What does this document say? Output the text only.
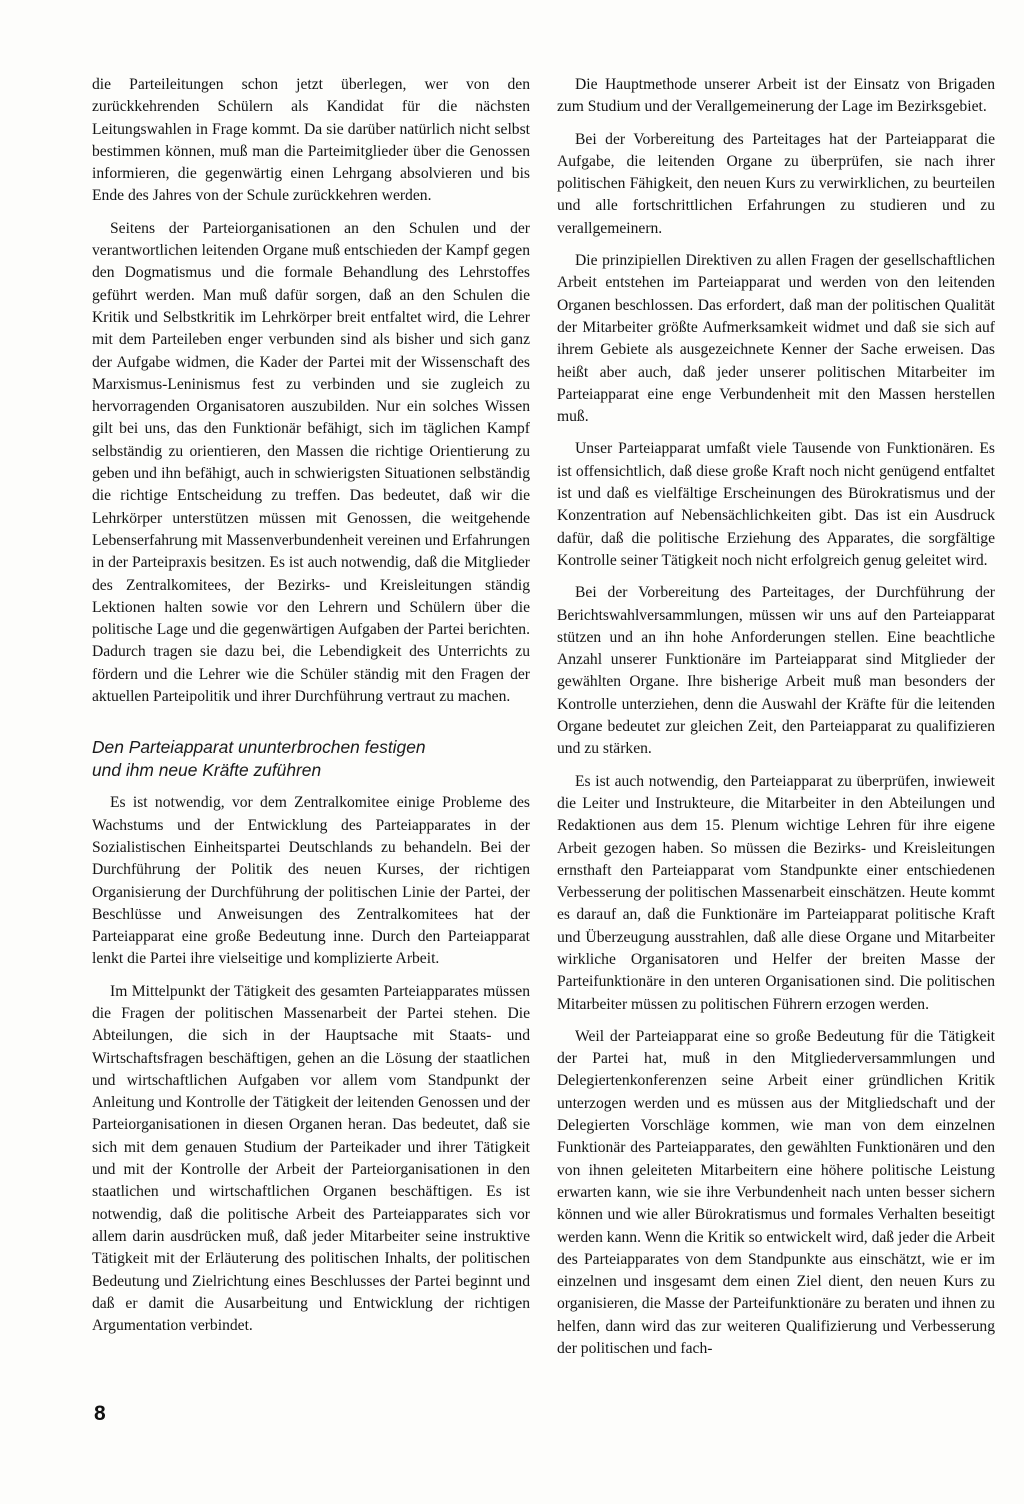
die Parteileitungen schon jetzt überlegen, wer von den zurückkehrenden Schülern als Kandidat für die nächsten Leitungswahlen in Frage kommt. Da sie darüber natürlich nicht selbst bestimmen können, muß man die Parteimitglieder über die Genossen informieren, die gegenwärtig einen Lehrgang absolvieren und bis Ende des Jahres von der Schule zurückkehren werden.

Seitens der Parteiorganisationen an den Schulen und der verantwortlichen leitenden Organe muß entschieden der Kampf gegen den Dogmatismus und die formale Behandlung des Lehrstoffes geführt werden. Man muß dafür sorgen, daß an den Schulen die Kritik und Selbstkritik im Lehrkörper breit entfaltet wird, die Lehrer mit dem Parteileben enger verbunden sind als bisher und sich ganz der Aufgabe widmen, die Kader der Partei mit der Wissenschaft des Marxismus-Leninismus fest zu verbinden und sie zugleich zu hervorragenden Organisatoren auszubilden. Nur ein solches Wissen gilt bei uns, das den Funktionär befähigt, sich im täglichen Kampf selbständig zu orientieren, den Massen die richtige Orientierung zu geben und ihn befähigt, auch in schwierigsten Situationen selbständig die richtige Entscheidung zu treffen. Das bedeutet, daß wir die Lehrkörper unterstützen müssen mit Genossen, die weitgehende Lebenserfahrung mit Massenverbundenheit vereinen und Erfahrungen in der Parteipraxis besitzen. Es ist auch notwendig, daß die Mitglieder des Zentralkomitees, der Bezirks- und Kreisleitungen ständig Lektionen halten sowie vor den Lehrern und Schülern über die politische Lage und die gegenwärtigen Aufgaben der Partei berichten. Dadurch tragen sie dazu bei, die Lebendigkeit des Unterrichts zu fördern und die Lehrer wie die Schüler ständig mit den Fragen der aktuellen Parteipolitik und ihrer Durchführung vertraut zu machen.

Den Parteiapparat ununterbrochen festigen
und ihm neue Kräfte zuführen

Es ist notwendig, vor dem Zentralkomitee einige Probleme des Wachstums und der Entwicklung des Parteiapparates in der Sozialistischen Einheitspartei Deutschlands zu behandeln. Bei der Durchführung der Politik des neuen Kurses, der richtigen Organisierung der Durchführung der politischen Linie der Partei, der Beschlüsse und Anweisungen des Zentralkomitees hat der Parteiapparat eine große Bedeutung inne. Durch den Parteiapparat lenkt die Partei ihre vielseitige und komplizierte Arbeit.

Im Mittelpunkt der Tätigkeit des gesamten Parteiapparates müssen die Fragen der politischen Massenarbeit der Partei stehen. Die Abteilungen, die sich in der Hauptsache mit Staats- und Wirtschaftsfragen beschäftigen, gehen an die Lösung der staatlichen und wirtschaftlichen Aufgaben vor allem vom Standpunkt der Anleitung und Kontrolle der Tätigkeit der leitenden Genossen und der Parteiorganisationen in diesen Organen heran. Das bedeutet, daß sie sich mit dem genauen Studium der Parteikader und ihrer Tätigkeit und mit der Kontrolle der Arbeit der Parteiorganisationen in den staatlichen und wirtschaftlichen Organen beschäftigen. Es ist notwendig, daß die politische Arbeit des Parteiapparates sich vor allem darin ausdrücken muß, daß jeder Mitarbeiter seine instruktive Tätigkeit mit der Erläuterung des politischen Inhalts, der politischen Bedeutung und Zielrichtung eines Beschlusses der Partei beginnt und daß er damit die Ausarbeitung und Entwicklung der richtigen Argumentation verbindet.

Die Hauptmethode unserer Arbeit ist der Einsatz von Brigaden zum Studium und der Verallgemeinerung der Lage im Bezirksgebiet.

Bei der Vorbereitung des Parteitages hat der Parteiapparat die Aufgabe, die leitenden Organe zu überprüfen, sie nach ihrer politischen Fähigkeit, den neuen Kurs zu verwirklichen, zu beurteilen und alle fortschrittlichen Erfahrungen zu studieren und zu verallgemeinern.

Die prinzipiellen Direktiven zu allen Fragen der gesellschaftlichen Arbeit entstehen im Parteiapparat und werden von den leitenden Organen beschlossen. Das erfordert, daß man der politischen Qualität der Mitarbeiter größte Aufmerksamkeit widmet und daß sie sich auf ihrem Gebiete als ausgezeichnete Kenner der Sache erweisen. Das heißt aber auch, daß jeder unserer politischen Mitarbeiter im Parteiapparat eine enge Verbundenheit mit den Massen herstellen muß.

Unser Parteiapparat umfaßt viele Tausende von Funktionären. Es ist offensichtlich, daß diese große Kraft noch nicht genügend entfaltet ist und daß es vielfältige Erscheinungen des Bürokratismus und der Konzentration auf Nebensächlichkeiten gibt. Das ist ein Ausdruck dafür, daß die politische Erziehung des Apparates, die sorgfältige Kontrolle seiner Tätigkeit noch nicht erfolgreich genug geleitet wird.

Bei der Vorbereitung des Parteitages, der Durchführung der Berichtswahlversammlungen, müssen wir uns auf den Parteiapparat stützen und an ihn hohe Anforderungen stellen. Eine beachtliche Anzahl unserer Funktionäre im Parteiapparat sind Mitglieder der gewählten Organe. Ihre bisherige Arbeit muß man besonders der Kontrolle unterziehen, denn die Auswahl der Kräfte für die leitenden Organe bedeutet zur gleichen Zeit, den Parteiapparat zu qualifizieren und zu stärken.

Es ist auch notwendig, den Parteiapparat zu überprüfen, inwieweit die Leiter und Instrukteure, die Mitarbeiter in den Abteilungen und Redaktionen aus dem 15. Plenum wichtige Lehren für ihre eigene Arbeit gezogen haben. So müssen die Bezirks- und Kreisleitungen ernsthaft den Parteiapparat vom Standpunkte einer entschiedenen Verbesserung der politischen Massenarbeit einschätzen. Heute kommt es darauf an, daß die Funktionäre im Parteiapparat politische Kraft und Überzeugung ausstrahlen, daß alle diese Organe und Mitarbeiter wirkliche Organisatoren und Helfer der breiten Masse der Parteifunktionäre in den unteren Organisationen sind. Die politischen Mitarbeiter müssen zu politischen Führern erzogen werden.

Weil der Parteiapparat eine so große Bedeutung für die Tätigkeit der Partei hat, muß in den Mitgliederversammlungen und Delegiertenkonferenzen seine Arbeit einer gründlichen Kritik unterzogen werden und es müssen aus der Mitgliedschaft und der Delegierten Vorschläge kommen, wie man von dem einzelnen Funktionär des Parteiapparates, den gewählten Funktionären und den von ihnen geleiteten Mitarbeitern eine höhere politische Leistung erwarten kann, wie sie ihre Verbundenheit nach unten besser sichern können und wie aller Bürokratismus und formales Verhalten beseitigt werden kann. Wenn die Kritik so entwickelt wird, daß jeder die Arbeit des Parteiapparates von dem Standpunkte aus einschätzt, wie er im einzelnen und insgesamt dem einen Ziel dient, den neuen Kurs zu organisieren, die Masse der Parteifunktionäre zu beraten und ihnen zu helfen, dann wird das zur weiteren Qualifizierung und Verbesserung der politischen und fach-

8
